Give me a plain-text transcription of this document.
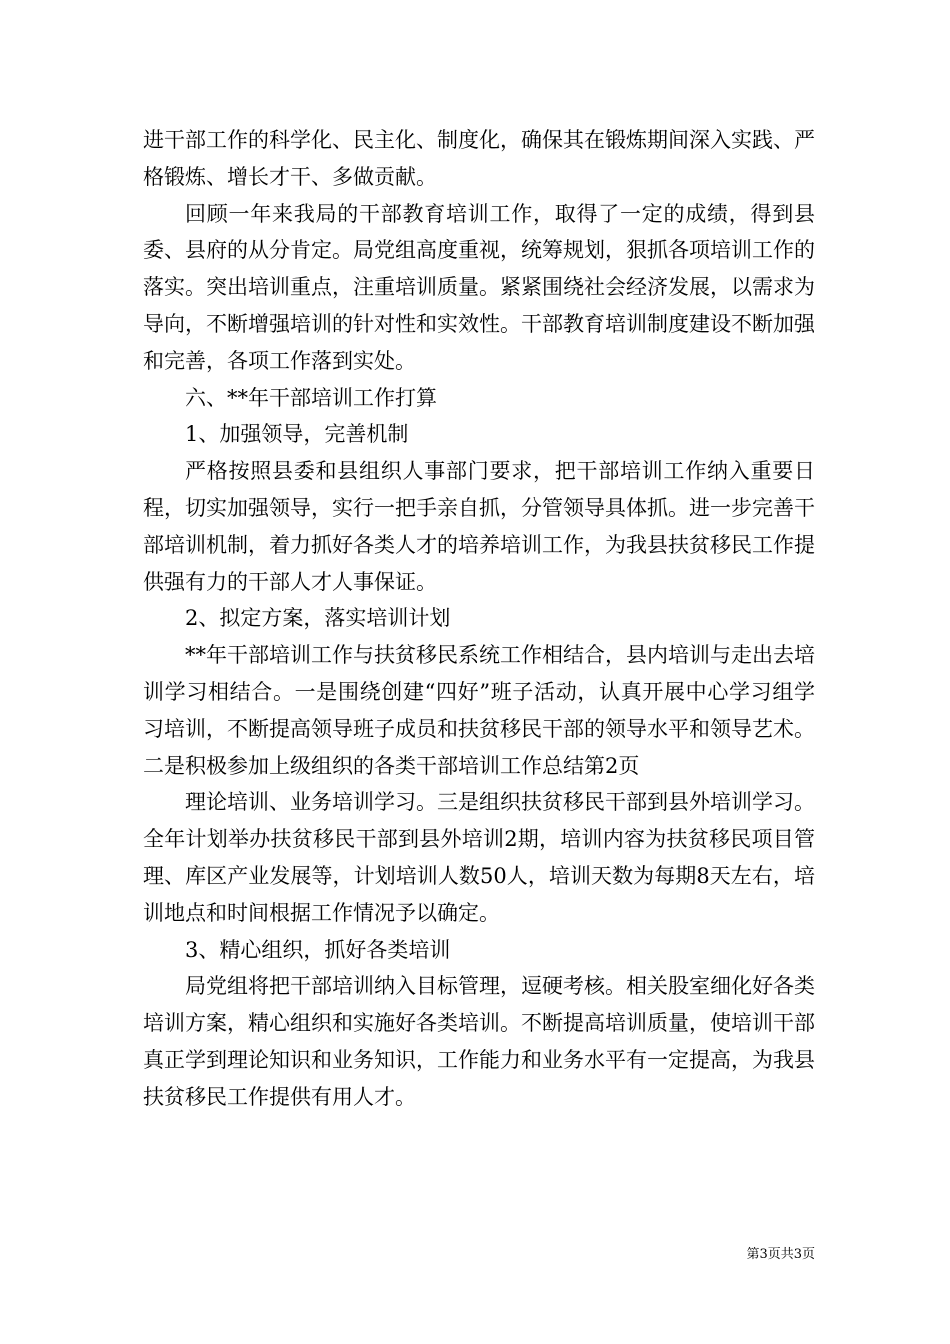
进干部工作的科学化、民主化、制度化，确保其在锻炼期间深入实践、严格锻炼、增长才干、多做贡献。

回顾一年来我局的干部教育培训工作，取得了一定的成绩，得到县委、县府的从分肯定。局党组高度重视，统筹规划，狠抓各项培训工作的落实。突出培训重点，注重培训质量。紧紧围绕社会经济发展，以需求为导向，不断增强培训的针对性和实效性。干部教育培训制度建设不断加强和完善，各项工作落到实处。

六、**年干部培训工作打算

1、加强领导，完善机制

严格按照县委和县组织人事部门要求，把干部培训工作纳入重要日程，切实加强领导，实行一把手亲自抓，分管领导具体抓。进一步完善干部培训机制，着力抓好各类人才的培养培训工作，为我县扶贫移民工作提供强有力的干部人才人事保证。

2、拟定方案，落实培训计划

**年干部培训工作与扶贫移民系统工作相结合，县内培训与走出去培训学习相结合。一是围绕创建“四好”班子活动，认真开展中心学习组学习培训，不断提高领导班子成员和扶贫移民干部的领导水平和领导艺术。二是积极参加上级组织的各类干部培训工作总结第2页

理论培训、业务培训学习。三是组织扶贫移民干部到县外培训学习。全年计划举办扶贫移民干部到县外培训2期，培训内容为扶贫移民项目管理、库区产业发展等，计划培训人数50人，培训天数为每期8天左右，培训地点和时间根据工作情况予以确定。

3、精心组织，抓好各类培训

局党组将把干部培训纳入目标管理，逗硬考核。相关股室细化好各类培训方案，精心组织和实施好各类培训。不断提高培训质量，使培训干部真正学到理论知识和业务知识，工作能力和业务水平有一定提高，为我县扶贫移民工作提供有用人才。

第3页共3页
